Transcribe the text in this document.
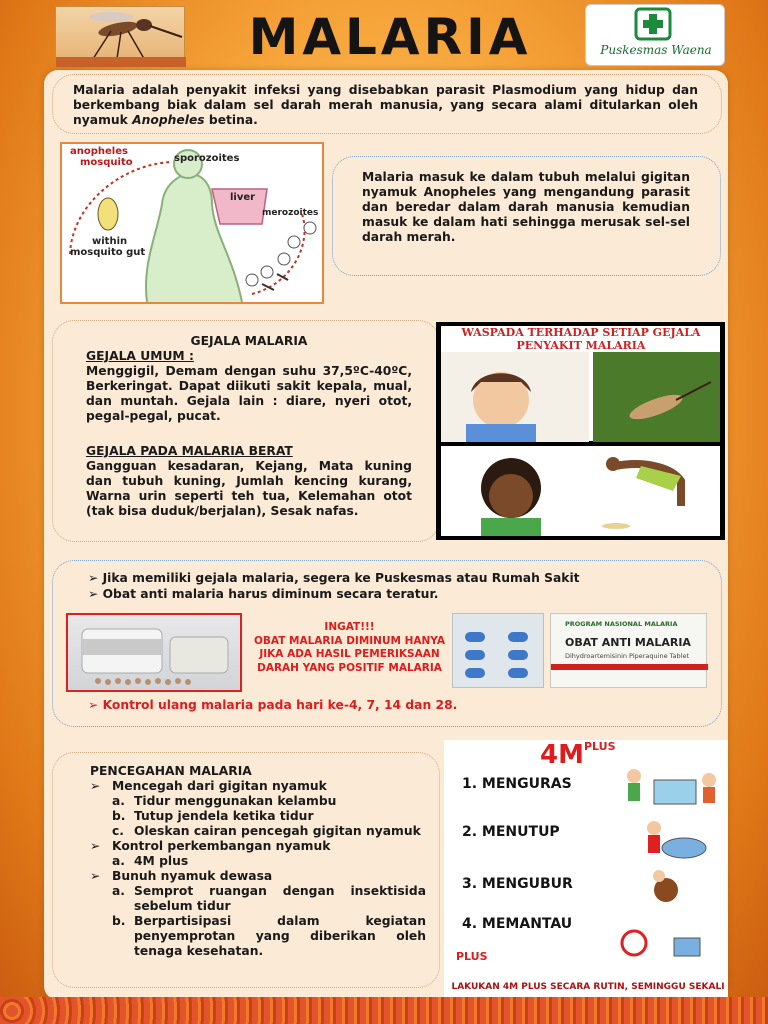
MALARIA	Puskesmas Waena
Malaria adalah penyakit infeksi yang disebabkan parasit Plasmodium yang hidup dan berkembang biak dalam sel darah merah manusia, yang secara alami ditularkan oleh nyamuk Anopheles betina.
anopheles
mosquito	sporozoites
liver
merozoites
within
mosquito gut
Malaria masuk ke dalam tubuh melalui gigitan nyamuk Anopheles yang mengandung parasit dan beredar dalam darah manusia kemudian masuk ke dalam hati sehingga merusak sel-sel darah merah.
GEJALA MALARIA
GEJALA UMUM :
Menggigil, Demam dengan suhu 37,5ºC-40ºC, Berkeringat. Dapat diikuti sakit kepala, mual, dan muntah. Gejala lain : diare, nyeri otot, pegal-pegal, pucat.
GEJALA PADA MALARIA BERAT
Gangguan kesadaran, Kejang, Mata kuning dan tubuh kuning, Jumlah kencing kurang, Warna urin seperti teh tua, Kelemahan otot (tak bisa duduk/berjalan), Sesak nafas.
WASPADA TERHADAP SETIAP GEJALA PENYAKIT MALARIA
➢ Jika memiliki gejala malaria, segera ke Puskesmas atau Rumah Sakit
➢ Obat anti malaria harus diminum secara teratur.
INGAT!!!
OBAT MALARIA DIMINUM HANYA JIKA ADA HASIL PEMERIKSAAN DARAH YANG POSITIF MALARIA
PROGRAM NASIONAL MALARIA
OBAT ANTI MALARIA
Dihydroartemisinin Piperaquine Tablet
➢ Kontrol ulang malaria pada hari ke-4, 7, 14 dan 28.
PENCEGAHAN MALARIA
➢ Mencegah dari gigitan nyamuk
a. Tidur menggunakan kelambu
b. Tutup jendela ketika tidur
c. Oleskan cairan pencegah gigitan nyamuk
➢ Kontrol perkembangan nyamuk
a. 4M plus
➢ Bunuh nyamuk dewasa
a. Semprot ruangan dengan insektisida sebelum tidur
b. Berpartisipasi dalam kegiatan penyemprotan yang diberikan oleh tenaga kesehatan.
$4M^{PLUS}$
1. MENGURAS
2. MENUTUP
3. MENGUBUR
4. MEMANTAU
PLUS
LAKUKAN 4M PLUS SECARA RUTIN, SEMINGGU SEKALI
